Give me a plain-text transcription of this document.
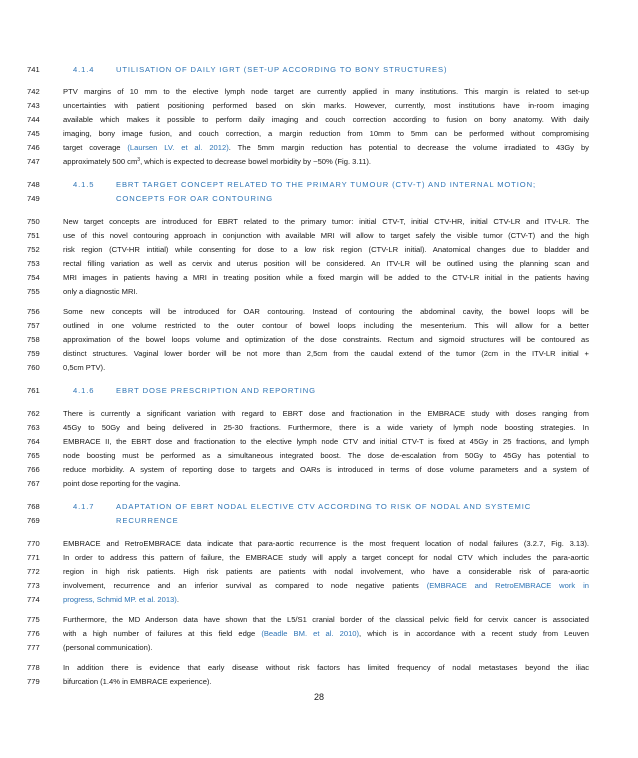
741	4.1.4	UTILISATION OF DAILY IGRT (SET-UP ACCORDING TO BONY STRUCTURES)
742	PTV margins of 10 mm to the elective lymph node target are currently applied in many institutions. This margin is related to set-up
743	uncertainties with patient positioning performed based on skin marks. However, currently, most institutions have in-room imaging
744	available which makes it possible to perform daily imaging and couch correction according to fusion on bony anatomy. With daily
745	imaging, bony image fusion, and couch correction, a margin reduction from 10mm to 5mm can be performed without compromising
746	target coverage (Laursen LV. et al. 2012). The 5mm margin reduction has potential to decrease the volume irradiated to 43Gy by
747	approximately 500 $cm^3$, which is expected to decrease bowel morbidity by ~50% (Fig. 3.11).
748	4.1.5	EBRT TARGET CONCEPT RELATED TO THE PRIMARY TUMOUR (CTV-T) AND INTERNAL MOTION;
749	CONCEPTS FOR OAR CONTOURING
750	New target concepts are introduced for EBRT related to the primary tumor: initial CTV-T, initial CTV-HR, initial CTV-LR and ITV-LR. The
751	use of this novel contouring approach in conjunction with available MRI will allow to target safely the visible tumor (CTV-T) and the high
752	risk region (CTV-HR intitial) while consenting for dose to a low risk region (CTV-LR initial). Anatomical changes due to bladder and
753	rectal filling variation as well as cervix and uterus position will be considered. An ITV-LR will be outlined using the planning scan and
754	MRI images in patients having a MRI in treating position while a fixed margin will be added to the CTV-LR initial in the patients having
755	only a diagnostic MRI.
756	Some new concepts will be introduced for OAR contouring. Instead of contouring the abdominal cavity, the bowel loops will be
757	outlined in one volume restricted to the outer contour of bowel loops including the mesenterium. This will allow for a better
758	approximation of the bowel loops volume and optimization of the dose constraints. Rectum and sigmoid structures will be contoured as
759	distinct structures. Vaginal lower border will be not more than 2,5cm from the caudal extend of the tumor (2cm in the ITV-LR initial +
760	0,5cm PTV).
761	4.1.6	EBRT DOSE PRESCRIPTION AND REPORTING
762	There is currently a significant variation with regard to EBRT dose and fractionation in the EMBRACE study with doses ranging from
763	45Gy to 50Gy and being delivered in 25-30 fractions. Furthermore, there is a wide variety of lymph node boosting strategies. In
764	EMBRACE II, the EBRT dose and fractionation to the elective lymph node CTV and initial CTV-T is fixed at 45Gy in 25 fractions, and lymph
765	node boosting must be performed as a simultaneous integrated boost. The dose de-escalation from 50Gy to 45Gy has potential to
766	reduce morbidity. A system of reporting dose to targets and OARs is introduced in terms of dose volume parameters and a system of
767	point dose reporting for the vagina.
768	4.1.7	ADAPTATION OF EBRT NODAL ELECTIVE CTV ACCORDING TO RISK OF NODAL AND SYSTEMIC
769	RECURRENCE
770	EMBRACE and RetroEMBRACE data indicate that para-aortic recurrence is the most frequent location of nodal failures (3.2.7, Fig. 3.13).
771	In order to address this pattern of failure, the EMBRACE study will apply a target concept for nodal CTV which includes the para-aortic
772	region in high risk patients. High risk patients are patients with nodal involvement, who have a considerable risk of para-aortic
773	involvement, recurrence and an inferior survival as compared to node negative patients (EMBRACE and RetroEMBRACE work in
774	progress, Schmid MP. et al. 2013).
775	Furthermore, the MD Anderson data have shown that the L5/S1 cranial border of the classical pelvic field for cervix cancer is associated
776	with a high number of failures at this field edge (Beadle BM. et al. 2010), which is in accordance with a recent study from Leuven
777	(personal communication).
778	In addition there is evidence that early disease without risk factors has limited frequency of nodal metastases beyond the iliac
779	bifurcation (1.4% in EMBRACE experience).
28
